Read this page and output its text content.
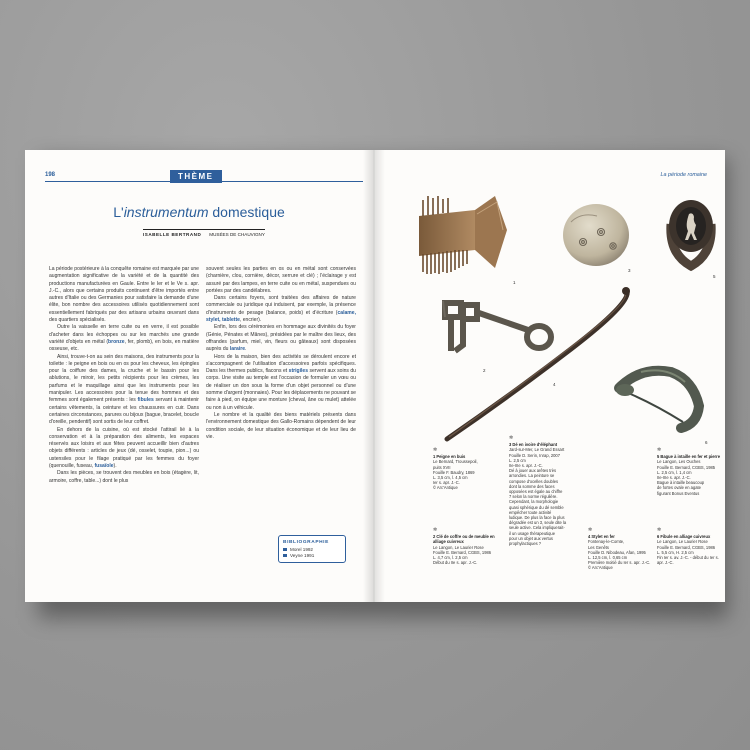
198	THÈME
L'instrumentum domestique
ISABELLE BERTRAND MUSÉES DE CHAUVIGNY

La période postérieure à la conquête romaine est marquée par une augmentation significative de la variété et de la quantité des productions manufacturées en Gaule. Entre le Ier et le Ve s. apr. J.-C., alors que certains produits continuent d'être importés entre autres d'Italie ou des Germanies pour satisfaire la demande d'une élite, bon nombre des accessoires utilisés quotidiennement sont essentiellement fabriqués par des artisans urbains œuvrant dans des quartiers spécialisés.

Outre la vaisselle en terre cuite ou en verre, il est possible d'acheter dans les échoppes ou sur les marchés une grande variété d'objets en métal (bronze, fer, plomb), en bois, en matière osseuse, etc.

Ainsi, trouve-t-on au sein des maisons, des instruments pour la toilette : le peigne en bois ou en os pour les cheveux, les épingles pour la coiffure des dames, la cruche et le bassin pour les ablutions, le miroir, les petits récipients pour les crèmes, les parfums et le maquillage ainsi que les instruments pour les manipuler. Les accessoires pour la tenue des hommes et des femmes sont également présents : les fibules servant à maintenir certains vêtements, la ceinture et les chaussures en cuir. Dans certaines circonstances, parures ou bijoux (bague, bracelet, boucle d'oreille, pendentif) sont sortis de leur coffret.

En dehors de la cuisine, où est stocké l'attirail lié à la conservation et à la préparation des aliments, les espaces réservés aux loisirs et aux fêtes peuvent accueillir bien d'autres objets différents : articles de jeux (dé, osselet, toupie, pion...) ou ustensiles pour le filage pratiqué par les femmes du foyer (quenouille, fuseau, fusaïole).

Dans les pièces, se trouvent des meubles en bois (étagère, lit, armoire, coffre, table...) dont le plus

souvent seules les parties en os ou en métal sont conservées (charnière, clou, cornière, décor, serrure et clé) ; l'éclairage y est assuré par des lampes, en terre cuite ou en métal, suspendues ou portées par des candélabres.

Dans certains foyers, sont traitées des affaires de nature commerciale ou juridique qui induisent, par exemple, la présence d'instruments de pesage (balance, poids) et d'écriture (calame, stylet, tablette, encrier).

Enfin, lors des cérémonies en hommage aux divinités du foyer (Génie, Pénates et Mânes), présidées par le maître des lieux, des offrandes (parfum, miel, vin, fleurs ou gâteaux) sont disposées auprès du laraire.

Hors de la maison, bien des activités se déroulent encore et s'accompagnent de l'utilisation d'accessoires parfois spécifiques. Dans les thermes publics, flacons et strigiles servent aux soins du corps. Une visite au temple est l'occasion de formuler un vœu ou de réaliser un don sous la forme d'un objet personnel ou d'une somme d'argent (monnaies). Pour les déplacements ne pouvant se faire à pied, on équipe une monture (cheval, âne ou mulet) attelée ou non à un véhicule.

Le nombre et la qualité des biens matériels présents dans l'environnement domestique des Gallo-Romains dépendent de leur condition sociale, de leur situation économique et de leur lieu de vie.

BIBLIOGRAPHIE
Morel 1992
Veyne 1991
La période romaine
1
3
5
2
4
6
✲
1 Peigne en buis
Le Bernard, Troussepoil,
puits XVII
Fouille F. Baudry, 1869
L. 3,5 cm, l. 4,5 cm
Ier s. apr. J.-C.
© Arc'Antique
✲
2 Clé de coffre ou de meuble en alliage cuivreux
Le Langon, Le Laurier Rose
Fouille E. Bernard, CGBS, 1986
L. 4,7 cm, l. 2,5 cm
Début du IIe s. apr. J.-C.
✲
3 Dé en ivoire d'éléphant
Jard-sur-Mer, Le Grand Essart
Fouille D. Serin, Inrap, 2007
L. 2,5 cm
IIe-IIIe s. apr. J.-C.
Dé à jouer aux arêtes très
arrondies. La peinture se
compose d'ocelles doubles
dont la somme des faces
opposées est égale au chiffre
7 selon la norme régulière.
Cependant, la morphologie
quasi sphérique du dé semble
empêcher toute activité
ludique. De plus la face la plus
dégradée est un 3, seule dite la
seule active. Cela impliquerait-
il un usage thérapeutique
pour un objet aux vertus
prophylactiques ?
✲
4 Stylet en fer
Fontenay-le-Comte,
Les Genêts
Fouille D. Nibodeau, Afan, 1995
L. 12,5 cm, l. 0,65 cm
Première moitié du Ier s. apr. J.-C.
© Arc'Antique
✲
5 Bague à intaille en fer et pierre
Le Langon, Les Ouches
Fouille E. Bernard, CGBS, 1985
L. 2,5 cm, l. 1,4 cm
IIe-IIIe s. apr. J.-C.
Bague à intaille beaucoup
de fortes ovale en agate
figurant Bonus Eventus
✲
6 Fibule en alliage cuivreux
Le Langon, Le Laurier Rose
Fouille E. Bernard, CGBS, 1986
L. 5,5 cm, H. 2,5 cm
Fin Ier s. av. J.-C. - début du Ier s.
apr. J.-C.
